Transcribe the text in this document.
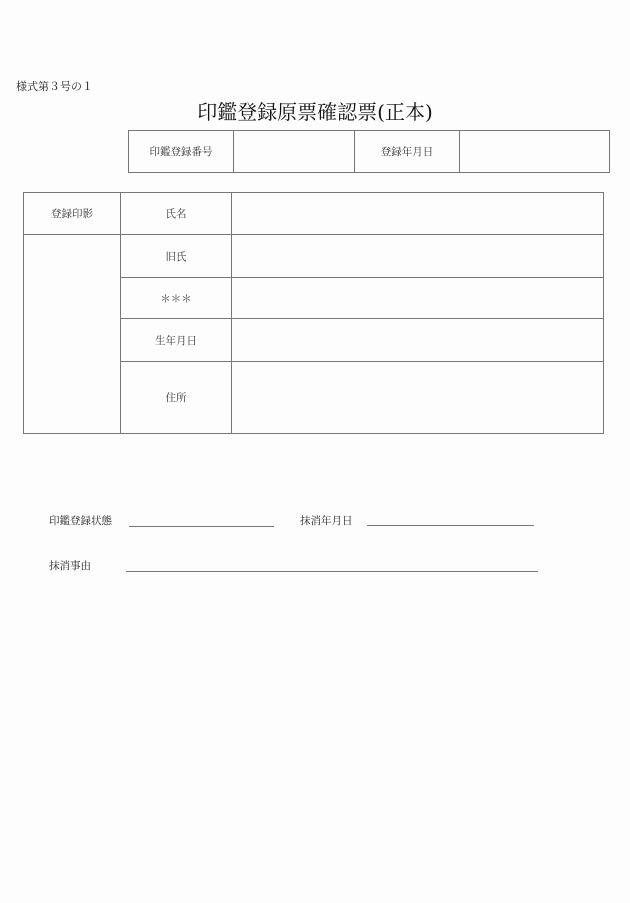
様式第３号の１
印鑑登録原票確認票(正本)
印鑑登録番号		登録年月日	
登録印影	氏名	
	旧氏	
	＊＊＊	
	生年月日	
	住所	
印鑑登録状態	抹消年月日
抹消事由
